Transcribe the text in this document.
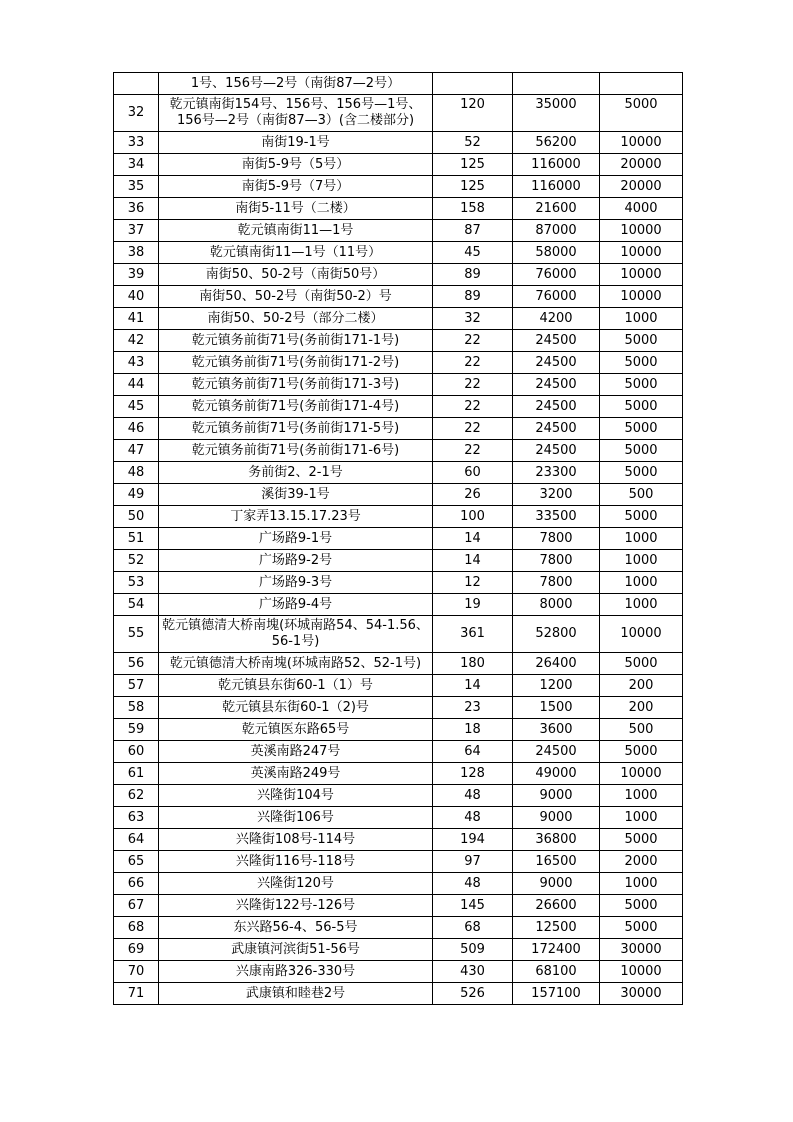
	1号、156号—2号（南街87—2号）			
32	乾元镇南街154号、156号、156号—1号、156号—2号（南街87—3）(含二楼部分)	120	35000	5000
33	南街19-1号	52	56200	10000
34	南街5-9号（5号）	125	116000	20000
35	南街5-9号（7号）	125	116000	20000
36	南街5-11号（二楼）	158	21600	4000
37	乾元镇南街11—1号	87	87000	10000
38	乾元镇南街11—1号（11号）	45	58000	10000
39	南街50、50-2号（南街50号）	89	76000	10000
40	南街50、50-2号（南街50-2）号	89	76000	10000
41	南街50、50-2号（部分二楼）	32	4200	1000
42	乾元镇务前街71号(务前街171-1号)	22	24500	5000
43	乾元镇务前街71号(务前街171-2号)	22	24500	5000
44	乾元镇务前街71号(务前街171-3号)	22	24500	5000
45	乾元镇务前街71号(务前街171-4号)	22	24500	5000
46	乾元镇务前街71号(务前街171-5号)	22	24500	5000
47	乾元镇务前街71号(务前街171-6号)	22	24500	5000
48	务前街2、2-1号	60	23300	5000
49	溪街39-1号	26	3200	500
50	丁家弄13.15.17.23号	100	33500	5000
51	广场路9-1号	14	7800	1000
52	广场路9-2号	14	7800	1000
53	广场路9-3号	12	7800	1000
54	广场路9-4号	19	8000	1000
55	乾元镇德清大桥南塊(环城南路54、54-1.56、56-1号)	361	52800	10000
56	乾元镇德清大桥南塊(环城南路52、52-1号)	180	26400	5000
57	乾元镇县东街60-1（1）号	14	1200	200
58	乾元镇县东街60-1（2)号	23	1500	200
59	乾元镇医东路65号	18	3600	500
60	英溪南路247号	64	24500	5000
61	英溪南路249号	128	49000	10000
62	兴隆街104号	48	9000	1000
63	兴隆街106号	48	9000	1000
64	兴隆街108号-114号	194	36800	5000
65	兴隆街116号-118号	97	16500	2000
66	兴隆街120号	48	9000	1000
67	兴隆街122号-126号	145	26600	5000
68	东兴路56-4、56-5号	68	12500	5000
69	武康镇河滨街51-56号	509	172400	30000
70	兴康南路326-330号	430	68100	10000
71	武康镇和睦巷2号	526	157100	30000
